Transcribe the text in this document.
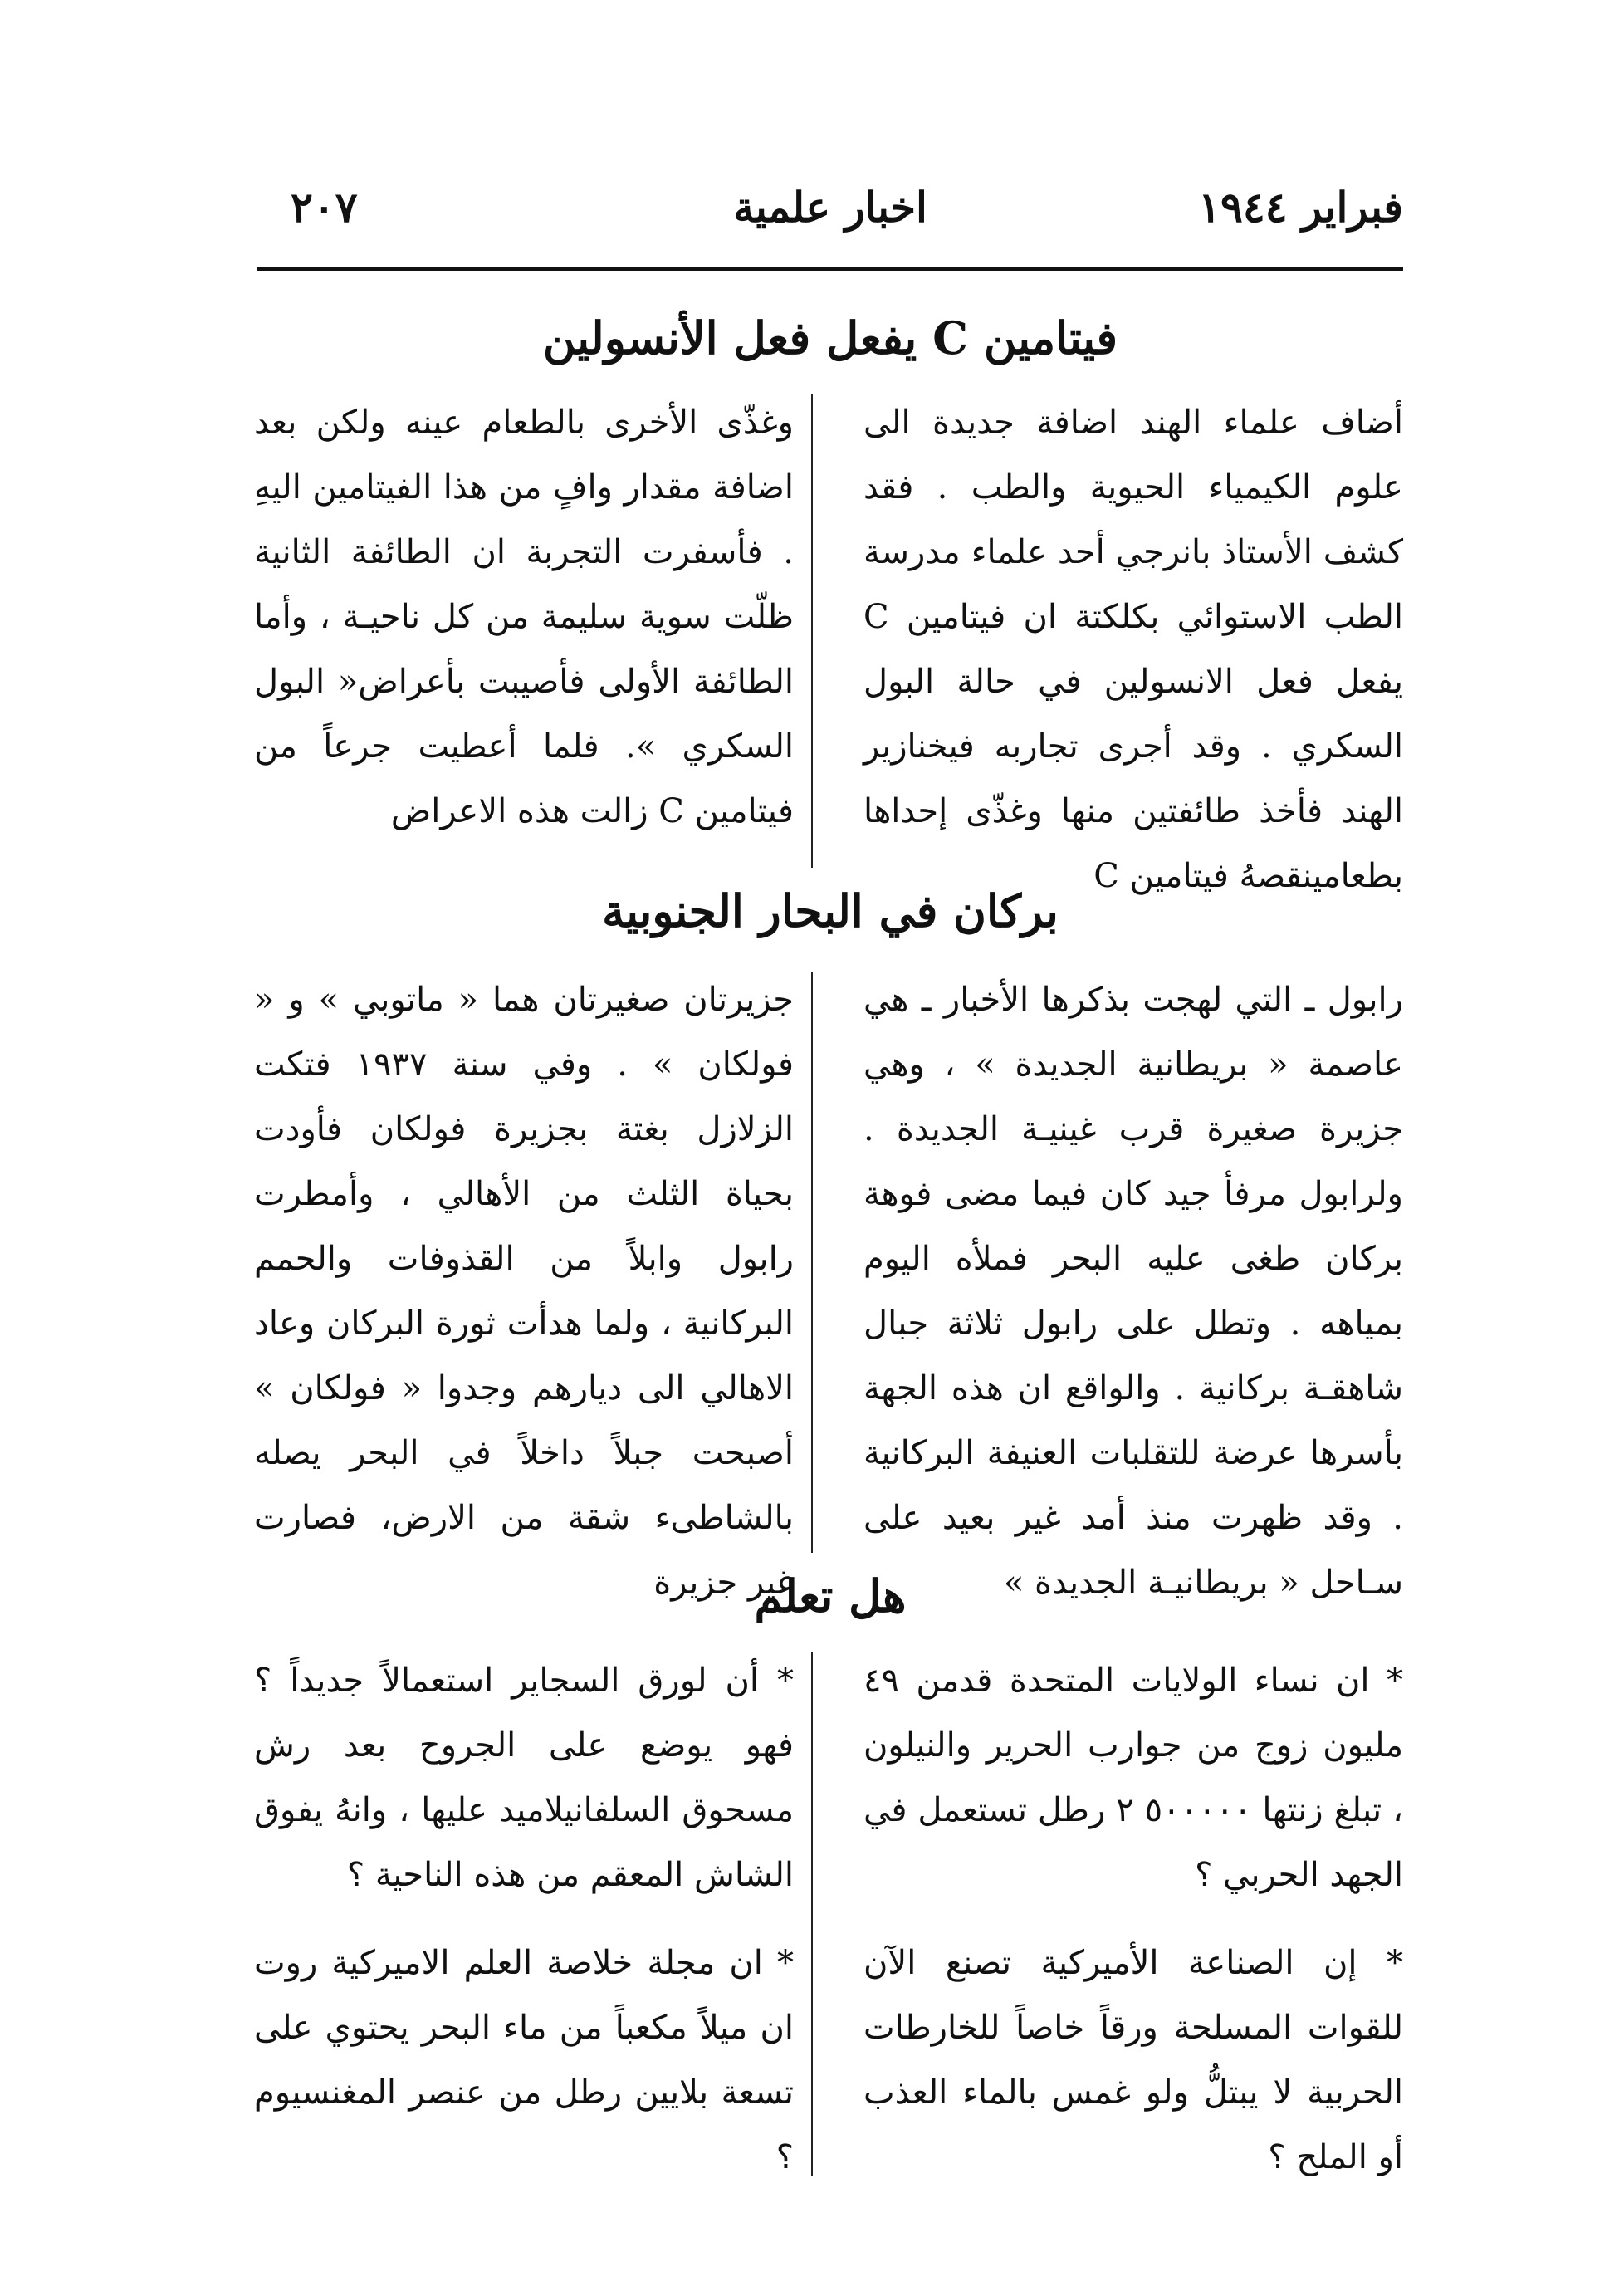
فبراير ١٩٤٤
اخبار علمية
٢٠٧
فيتامين C يفعل فعل الأنسولين

أضاف علماء الهند اضافة جديدة الى علوم الكيمياء الحيوية والطب . فقد كشف الأستاذ بانرجي أحد علماء مدرسة الطب الاستوائي بكلكتة ان فيتامين C يفعل فعل الانسولين في حالة البول السكري . وقد أجرى تجاربه فيخنازير الهند فأخذ طائفتين منها وغذّى إحداها بطعامينقصهُ فيتامين C

وغذّى الأخرى بالطعام عينه ولكن بعد اضافة مقدار وافٍ من هذا الفيتامين اليهِ . فأسفرت التجربة ان الطائفة الثانية ظلّت سوية سليمة من كل ناحيـة ، وأما الطائفة الأولى فأصيبت بأعراض« البول السكري ». فلما أعطيت جرعاً من فيتامين C زالت هذه الاعراض

بركان في البحار الجنوبية

رابول ـ التي لهجت بذكرها الأخبار ـ هي عاصمة « بريطانية الجديدة » ، وهي جزيرة صغيرة قرب غينيـة الجديدة . ولرابول مرفأ جيد كان فيما مضى فوهة بركان طغى عليه البحر فملأه اليوم بمياهه . وتطل على رابول ثلاثة جبال شاهقـة بركانية . والواقع ان هذه الجهة بأسرها عرضة للتقلبات العنيفة البركانية . وقد ظهرت منذ أمد غير بعيد على سـاحل « بريطانيـة الجديدة »

جزيرتان صغيرتان هما « ماتوبي » و « فولكان » . وفي سنة ١٩٣٧ فتكت الزلازل بغتة بجزيرة فولكان فأودت بحياة الثلث من الأهالي ، وأمطرت رابول وابلاً من القذوفات والحمم البركانية ، ولما هدأت ثورة البركان وعاد الاهالي الى ديارهم وجدوا « فولكان » أصبحت جبلاً داخلاً في البحر يصله بالشاطىء شقة من الارض، فصارت غير جزيرة

هل تعلم

* ان نساء الولايات المتحدة قدمن ٤٩ مليون زوج من جوارب الحرير والنيلون ، تبلغ زنتها ٥٠٠٠٠٠ ٢ رطل تستعمل في الجهد الحربي ؟

* إن الصناعة الأميركية تصنع الآن للقوات المسلحة ورقاً خاصاً للخارطات الحربية لا يبتلُّ ولو غمس بالماء العذب أو الملح ؟

* أن لورق السجاير استعمالاً جديداً ؟ فهو يوضع على الجروح بعد رش مسحوق السلفانيلاميد عليها ، وانهُ يفوق الشاش المعقم من هذه الناحية ؟

* ان مجلة خلاصة العلم الاميركية روت ان ميلاً مكعباً من ماء البحر يحتوي على تسعة بلايين رطل من عنصر المغنسيوم ؟
